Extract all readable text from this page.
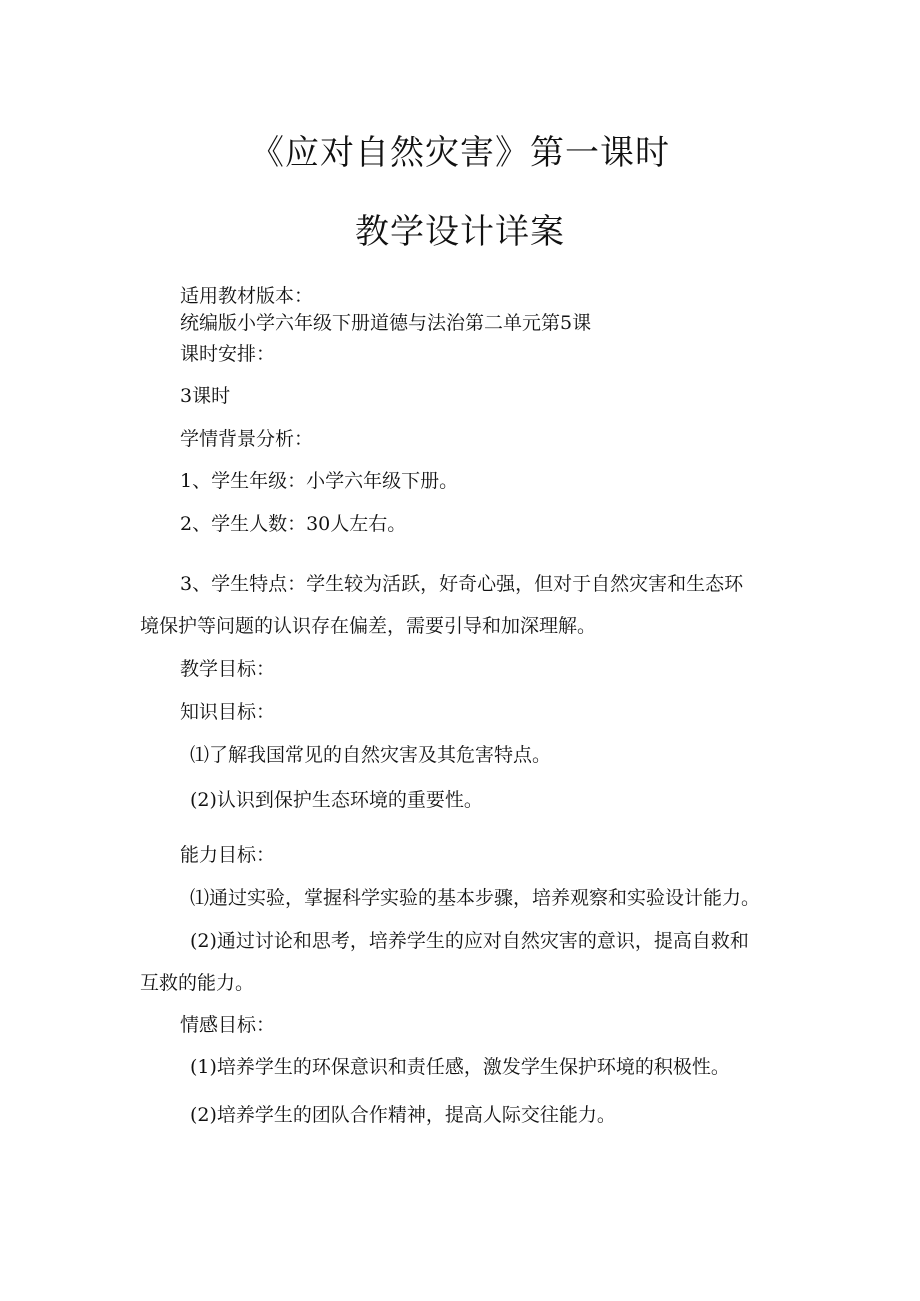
《应对自然灾害》第一课时
教学设计详案
适用教材版本：
统编版小学六年级下册道德与法治第二单元第5课
课时安排：
3课时
学情背景分析：
1、学生年级：小学六年级下册。
2、学生人数：30人左右。
3、学生特点：学生较为活跃，好奇心强，但对于自然灾害和生态环
境保护等问题的认识存在偏差，需要引导和加深理解。
教学目标：
知识目标：
⑴了解我国常见的自然灾害及其危害特点。
(2)认识到保护生态环境的重要性。
能力目标：
⑴通过实验，掌握科学实验的基本步骤，培养观察和实验设计能力。
(2)通过讨论和思考，培养学生的应对自然灾害的意识，提高自救和
互救的能力。
情感目标：
(1)培养学生的环保意识和责任感，激发学生保护环境的积极性。
(2)培养学生的团队合作精神，提高人际交往能力。
